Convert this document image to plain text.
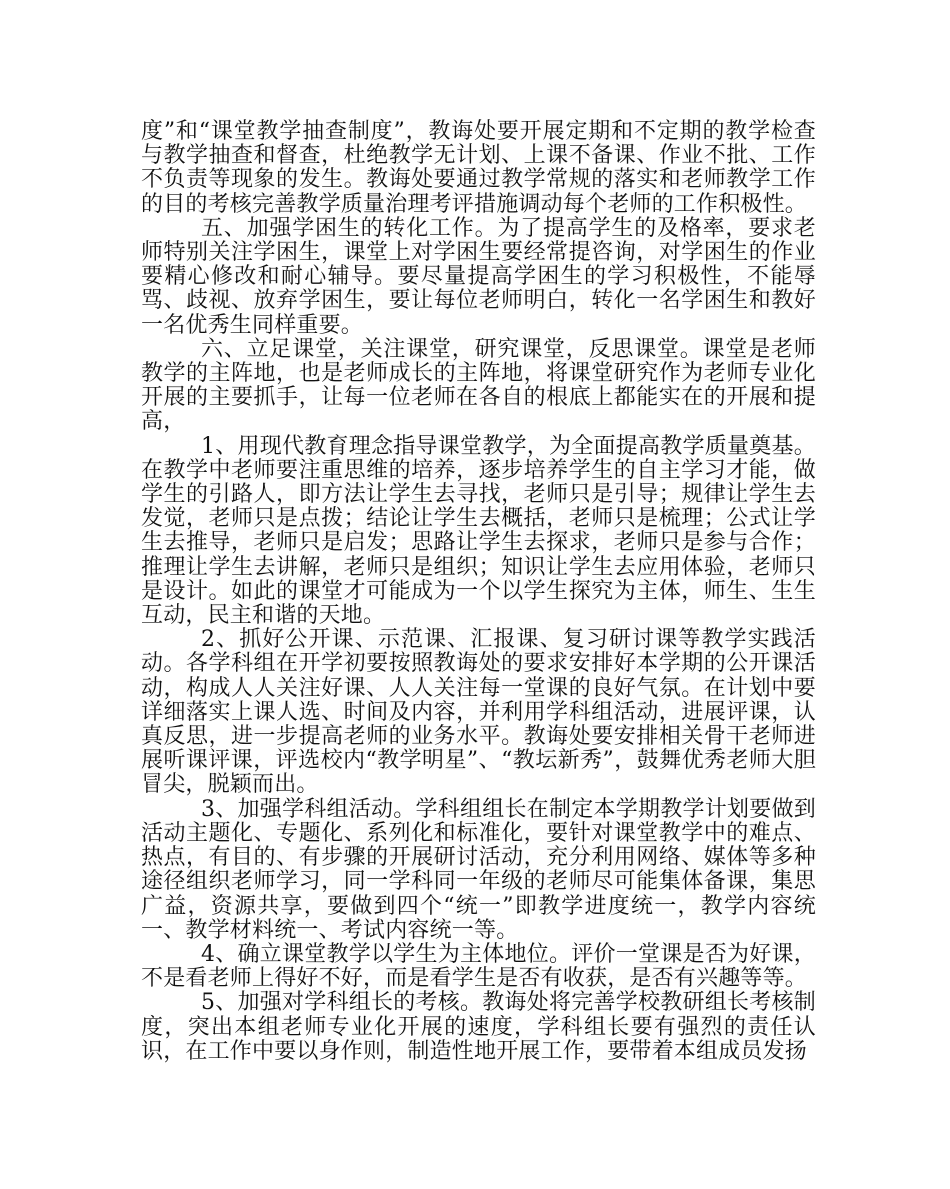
度”和“课堂教学抽查制度”，教诲处要开展定期和不定期的教学检查与教学抽查和督查，杜绝教学无计划、上课不备课、作业不批、工作不负责等现象的发生。教诲处要通过教学常规的落实和老师教学工作的目的考核完善教学质量治理考评措施调动每个老师的工作积极性。

五、加强学困生的转化工作。为了提高学生的及格率，要求老师特别关注学困生，课堂上对学困生要经常提咨询，对学困生的作业要精心修改和耐心辅导。要尽量提高学困生的学习积极性，不能辱骂、歧视、放弃学困生，要让每位老师明白，转化一名学困生和教好一名优秀生同样重要。

六、立足课堂，关注课堂，研究课堂，反思课堂。课堂是老师教学的主阵地，也是老师成长的主阵地，将课堂研究作为老师专业化开展的主要抓手，让每一位老师在各自的根底上都能实在的开展和提高，

1、用现代教育理念指导课堂教学，为全面提高教学质量奠基。在教学中老师要注重思维的培养，逐步培养学生的自主学习才能，做学生的引路人，即方法让学生去寻找，老师只是引导；规律让学生去发觉，老师只是点拨；结论让学生去概括，老师只是梳理；公式让学生去推导，老师只是启发；思路让学生去探求，老师只是参与合作；推理让学生去讲解，老师只是组织；知识让学生去应用体验，老师只是设计。如此的课堂才可能成为一个以学生探究为主体，师生、生生互动，民主和谐的天地。

2、抓好公开课、示范课、汇报课、复习研讨课等教学实践活动。各学科组在开学初要按照教诲处的要求安排好本学期的公开课活动，构成人人关注好课、人人关注每一堂课的良好气氛。在计划中要详细落实上课人选、时间及内容，并利用学科组活动，进展评课，认真反思，进一步提高老师的业务水平。教诲处要安排相关骨干老师进展听课评课，评选校内“教学明星”、“教坛新秀”，鼓舞优秀老师大胆冒尖，脱颖而出。

3、加强学科组活动。学科组组长在制定本学期教学计划要做到活动主题化、专题化、系列化和标准化，要针对课堂教学中的难点、热点，有目的、有步骤的开展研讨活动，充分利用网络、媒体等多种途径组织老师学习，同一学科同一年级的老师尽可能集体备课，集思广益，资源共享，要做到四个“统一”即教学进度统一，教学内容统一、教学材料统一、考试内容统一等。

4、确立课堂教学以学生为主体地位。评价一堂课是否为好课，不是看老师上得好不好，而是看学生是否有收获，是否有兴趣等等。

5、加强对学科组长的考核。教诲处将完善学校教研组长考核制度，突出本组老师专业化开展的速度，学科组长要有强烈的责任认识，在工作中要以身作则，制造性地开展工作，要带着本组成员发扬
